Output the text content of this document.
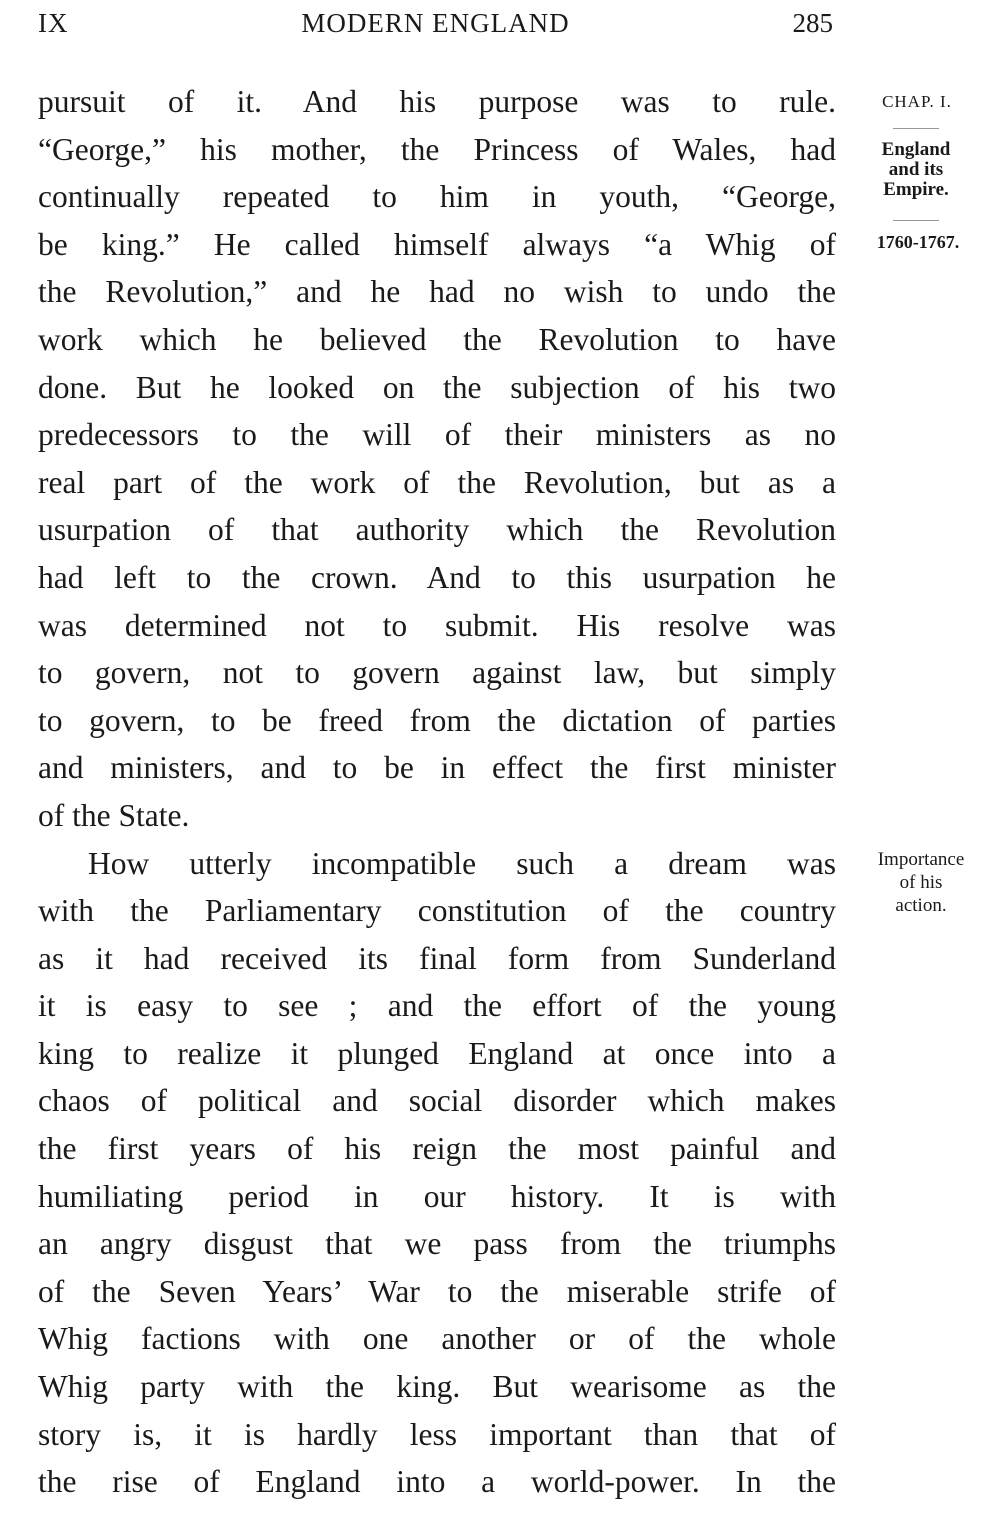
IX	MODERN ENGLAND	285
pursuit of it. And his purpose was to rule.
“George,” his mother, the Princess of Wales, had
continually repeated to him in youth, “George,
be king.” He called himself always “a Whig of
the Revolution,” and he had no wish to undo the
work which he believed the Revolution to have
done. But he looked on the subjection of his two
predecessors to the will of their ministers as no
real part of the work of the Revolution, but as a
usurpation of that authority which the Revolution
had left to the crown. And to this usurpation he
was determined not to submit. His resolve was
to govern, not to govern against law, but simply
to govern, to be freed from the dictation of parties
and ministers, and to be in effect the first minister
of the State.
How utterly incompatible such a dream was
with the Parliamentary constitution of the country
as it had received its final form from Sunderland
it is easy to see ; and the effort of the young
king to realize it plunged England at once into a
chaos of political and social disorder which makes
the first years of his reign the most painful and
humiliating period in our history. It is with
an angry disgust that we pass from the triumphs
of the Seven Years’ War to the miserable strife of
Whig factions with one another or of the whole
Whig party with the king. But wearisome as the
story is, it is hardly less important than that of
the rise of England into a world-power. In the
CHAP. I.
England
and its
Empire.
1760-1767.
Importance
of his
action.
